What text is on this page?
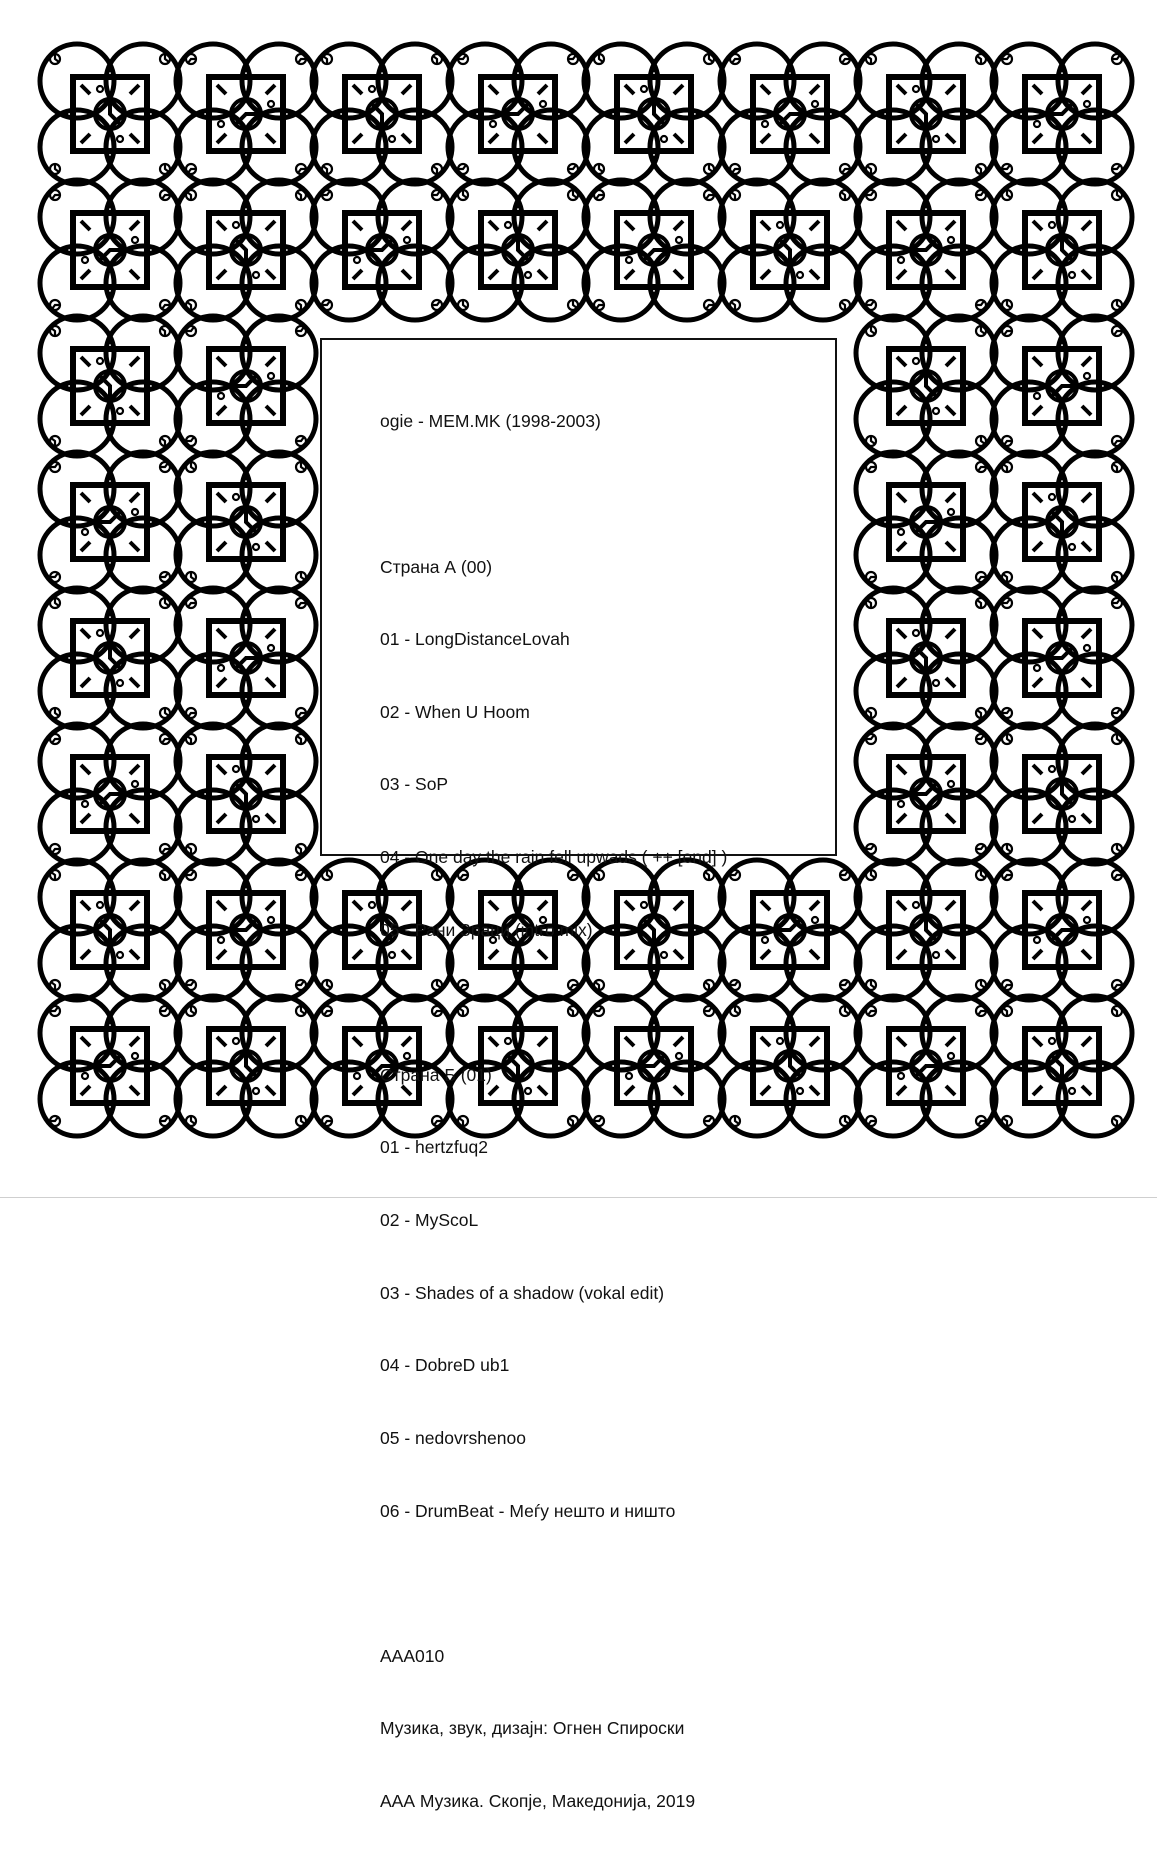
ogie - MEM.MK (1998-2003)

Страна А (00)

01 - LongDistanceLovah

02 - When U Hoom

03 - SoP

04 - One day the rain fell upwads ( ++ [end] )

05 - Рани Зраци (intro mix)

Страна Б (01)

01 - hertzfuq2

02 - MyScoL

03 - Shades of a shadow (vokal edit)

04 - DobreD ub1

05 - nedovrshenoo

06 - DrumBeat - Меѓу нешто и ништо

AAA010

Музика, звук, дизајн: Огнен Спироски

ААА Музика. Скопје, Македонија, 2019
